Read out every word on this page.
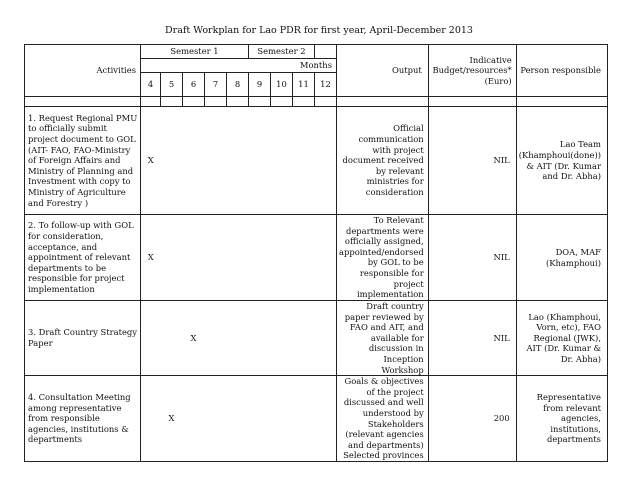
Draft Workplan for Lao PDR for first year, April-December 2013
Activities	Semester 1					Semester 2				Output	Indicative Budget/resources* (Euro)	Person responsible
	Months											
	4	5	6	7	8	9	10	11	12			

1. Request Regional PMU to officially submit project document to GOL (AIT- FAO, FAO-Ministry of Foreign Affairs and Ministry of Planning and Investment with copy to Ministry of Agriculture and Forestry )	X									Official communication with project document received by relevant ministries for consideration	NIL	Lao Team (Khamphoui(done)) & AIT (Dr. Kumar and Dr. Abha)
2. To follow-up with GOL for consideration, acceptance, and appointment of relevant departments to be responsible for project implementation	X									To Relevant departments were officially assigned, appointed/endorsed by GOL to be responsible for project implementation	NIL	DOA, MAF (Khamphoui)
3. Draft Country Strategy Paper			X							Draft country paper reviewed by FAO and AIT, and available for discussion in Inception Workshop	NIL	Lao (Khamphoui, Vorn, etc), FAO Regional (JWK), AIT (Dr. Kumar & Dr. Abha)
4. Consultation Meeting among representative from responsible agencies, institutions & departments		X								Goals & objectives of the project discussed and well understood by Stakeholders (relevant agencies and departments) Selected provinces	200	Representative from relevant agencies, institutions, departments
